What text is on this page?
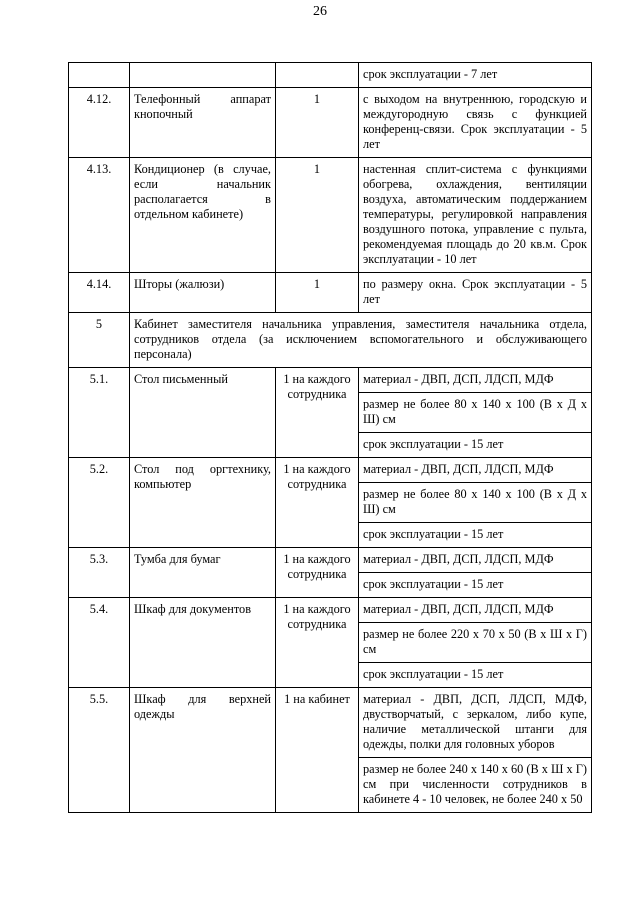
26
			срок эксплуатации - 7 лет
4.12.	Телефонный аппарат кнопочный	1	с выходом на внутреннюю, городскую и междугородную связь с функцией конференц-связи. Срок эксплуатации - 5 лет
4.13.	Кондиционер (в случае, если начальник располагается в отдельном кабинете)	1	настенная сплит-система с функциями обогрева, охлаждения, вентиляции воздуха, автоматическим поддержанием температуры, регулировкой направления воздушного потока, управление с пульта, рекомендуемая площадь до 20 кв.м. Срок эксплуатации - 10 лет
4.14.	Шторы (жалюзи)	1	по размеру окна. Срок эксплуатации - 5 лет
5	Кабинет заместителя начальника управления, заместителя начальника отдела, сотрудников отдела (за исключением вспомогательного и обслуживающего персонала)		
5.1.	Стол письменный	1 на каждого сотрудника	материал - ДВП, ДСП, ЛДСП, МДФ
			размер не более 80 х 140 х 100 (В х Д х Ш) см
			срок эксплуатации - 15 лет
5.2.	Стол под оргтехнику, компьютер	1 на каждого сотрудника	материал - ДВП, ДСП, ЛДСП, МДФ
			размер не более 80 х 140 х 100 (В х Д х Ш) см
			срок эксплуатации - 15 лет
5.3.	Тумба для бумаг	1 на каждого сотрудника	материал - ДВП, ДСП, ЛДСП, МДФ
			срок эксплуатации - 15 лет
5.4.	Шкаф для документов	1 на каждого сотрудника	материал - ДВП, ДСП, ЛДСП, МДФ
			размер не более 220 х 70 х 50 (В х Ш х Г) см
			срок эксплуатации - 15 лет
5.5.	Шкаф для верхней одежды	1 на кабинет	материал - ДВП, ДСП, ЛДСП, МДФ, двустворчатый, с зеркалом, либо купе, наличие металлической штанги для одежды, полки для головных уборов
			размер не более 240 х 140 х 60 (В х Ш х Г) см при численности сотрудников в кабинете 4 - 10 человек, не более 240 х 50
